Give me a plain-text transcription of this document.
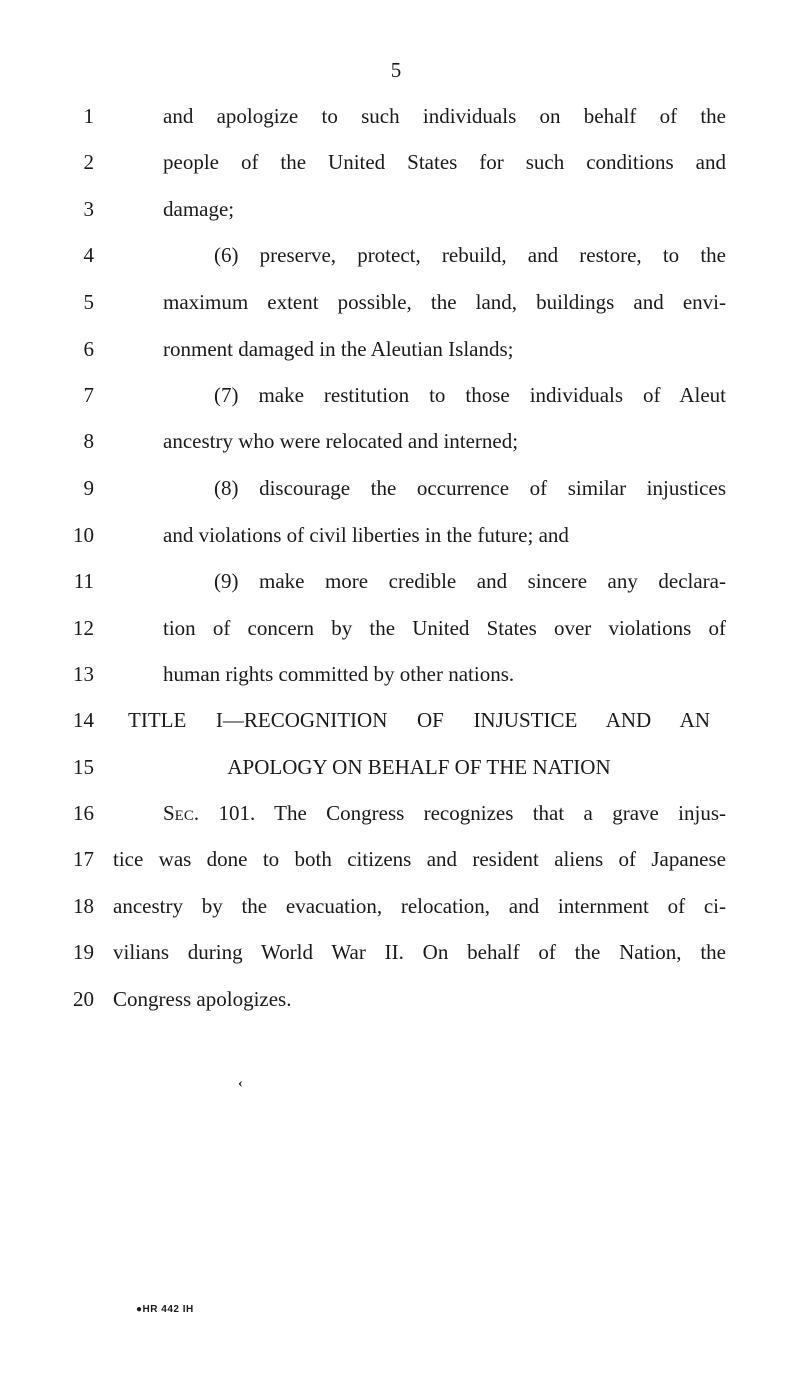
5
1	and apologize to such individuals on behalf of the
2	people of the United States for such conditions and
3	damage;
4	(6) preserve, protect, rebuild, and restore, to the
5	maximum extent possible, the land, buildings and envi-
6	ronment damaged in the Aleutian Islands;
7	(7) make restitution to those individuals of Aleut
8	ancestry who were relocated and interned;
9	(8) discourage the occurrence of similar injustices
10	and violations of civil liberties in the future; and
11	(9) make more credible and sincere any declara-
12	tion of concern by the United States over violations of
13	human rights committed by other nations.
14 TITLE I—RECOGNITION OF INJUSTICE AND AN
15	APOLOGY ON BEHALF OF THE NATION
16	Sec. 101. The Congress recognizes that a grave injus-
17 tice was done to both citizens and resident aliens of Japanese
18 ancestry by the evacuation, relocation, and internment of ci-
19 vilians during World War II. On behalf of the Nation, the
20 Congress apologizes.
‹
●HR 442 IH
